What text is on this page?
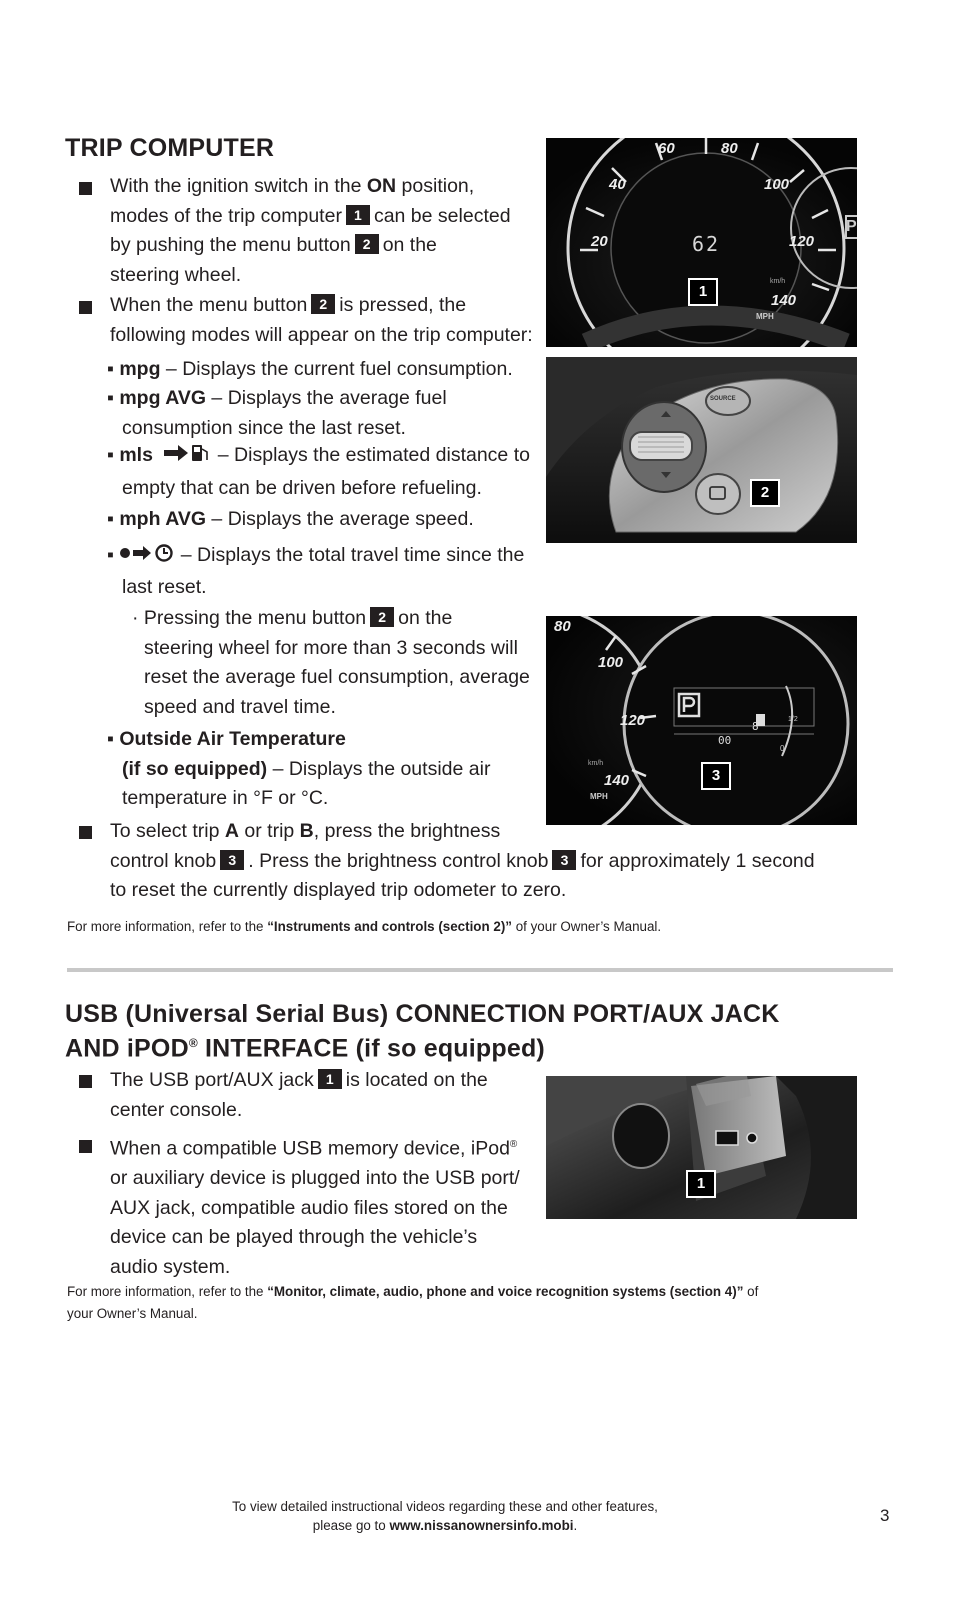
TRIP COMPUTER
With the ignition switch in the ON position,
modes of the trip computer 1 can be selected
by pushing the menu button 2 on the
steering wheel.
When the menu button 2 is pressed, the
following modes will appear on the trip computer:
▪ mpg – Displays the current fuel consumption.
▪ mpg AVG – Displays the average fuel
consumption since the last reset.
▪ mls	– Displays the estimated distance to
empty that can be driven before refueling.
▪ mph AVG – Displays the average speed.
▪	– Displays the total travel time since the
last reset.
· Pressing the menu button 2 on the
steering wheel for more than 3 seconds will
reset the average fuel consumption, average
speed and travel time.
▪ Outside Air Temperature
(if so equipped) – Displays the outside air
temperature in °F or °C.
To select trip A or trip B, press the brightness
control knob 3 . Press the brightness control knob 3 for approximately 1 second
to reset the currently displayed trip odometer to zero.
For more information, refer to the “Instruments and controls (section 2)” of your Owner’s Manual.
60	80
40	100
20	120
140
km/h
MPH
62
P
1
SOURCE
2
80
100
120
140
km/h
MPH
8
00
1/2
0
3
USB (Universal Serial Bus) CONNECTION PORT/AUX JACK
AND iPOD® INTERFACE (if so equipped)
The USB port/AUX jack 1 is located on the
center console.
When a compatible USB memory device, iPod®
or auxiliary device is plugged into the USB port/
AUX jack, compatible audio files stored on the
device can be played through the vehicle’s
audio system.
For more information, refer to the “Monitor, climate, audio, phone and voice recognition systems (section 4)” of
your Owner’s Manual.
1
To view detailed instructional videos regarding these and other features,
please go to www.nissanownersinfo.mobi.
3
